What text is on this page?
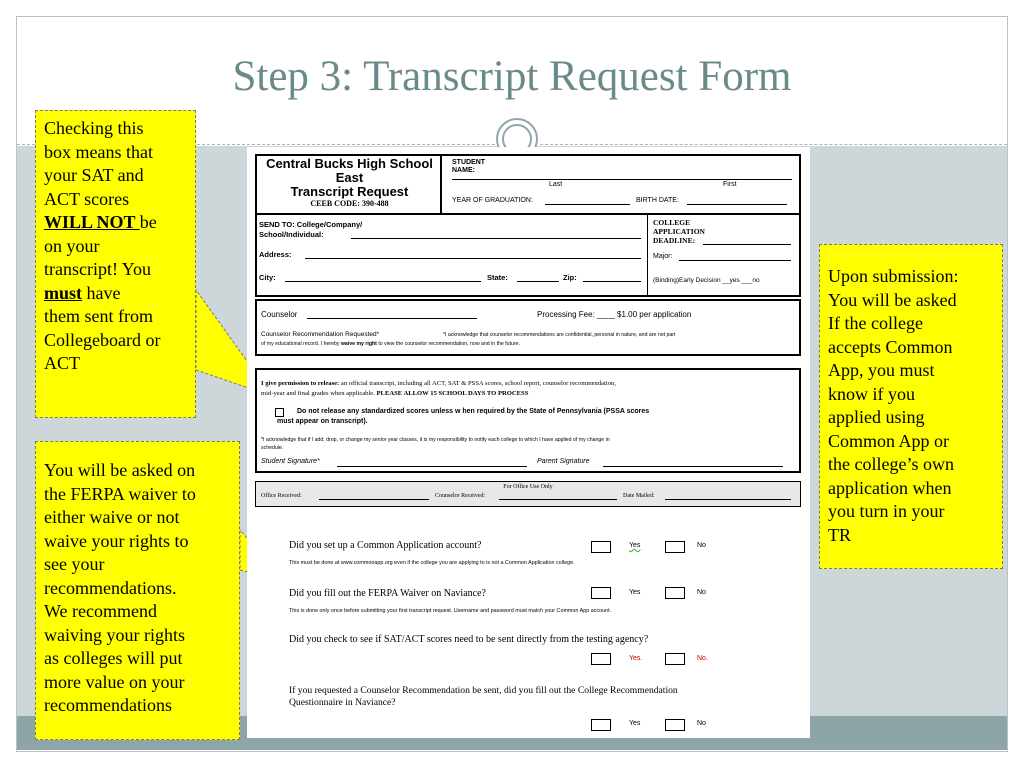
Step 3: Transcript Request Form
Central Bucks High School
East
Transcript Request
CEEB CODE: 390-488
STUDENT
NAME:
Last	First
YEAR OF GRADUATION:	BIRTH DATE:
SEND TO: College/Company/
School/Individual:
Address:
City:	State:	Zip:
COLLEGE
APPLICATION
DEADLINE:
Major:
(Binding)Early Decision __yes ___no
Counselor	Processing Fee: ____ $1.00 per application
Counselor Recommendation Requested*	*I acknowledge that counselor recommendations are confidential, personal in nature, and are not part
of my educational record. I hereby waive my right to view the counselor recommendation, now and in the future.
I give permission to release: an official transcript, including all ACT, SAT & PSSA scores, school report, counselor recommendation,
mid-year and final grades when applicable. PLEASE ALLOW 15 SCHOOL DAYS TO PROCESS
Do not release any standardized scores unless w hen required by the State of Pennsylvania (PSSA scores
must appear on transcript).
*I acknowledge that if I add, drop, or change my senior year classes, it is my responsibility to notify each college to which I have applied of my change in
schedule.
Student Signature*	Parent Signature
For Office Use Only
Office Received:	Counselor Received:	Date Mailed:
Did you set up a Common Application account?	Yes	No
This must be done at www.commonapp.org even if the college you are applying to is not a Common Application college.
Did you fill out the FERPA Waiver on Naviance?	Yes	No
This is done only once before submitting your first transcript request. Username and password must match your Common App account.
Did you check to see if SAT/ACT scores need to be sent directly from the testing agency?
Yes.	No.
If you requested a Counselor Recommendation be sent, did you fill out the College Recommendation
Questionnaire in Naviance?
Yes	No
Checking this
box means that
your SAT and
ACT scores
WILL NOT be
on your
transcript! You
must have
them sent from
Collegeboard or
ACT
You will be asked on
the FERPA waiver to
either waive or not
waive your rights to
see your
recommendations.
We recommend
waiving your rights
as colleges will put
more value on your
recommendations
Upon submission:
You will be asked
If the college
accepts Common
App, you must
know if you
applied using
Common App or
the college’s own
application when
you turn in your
TR
